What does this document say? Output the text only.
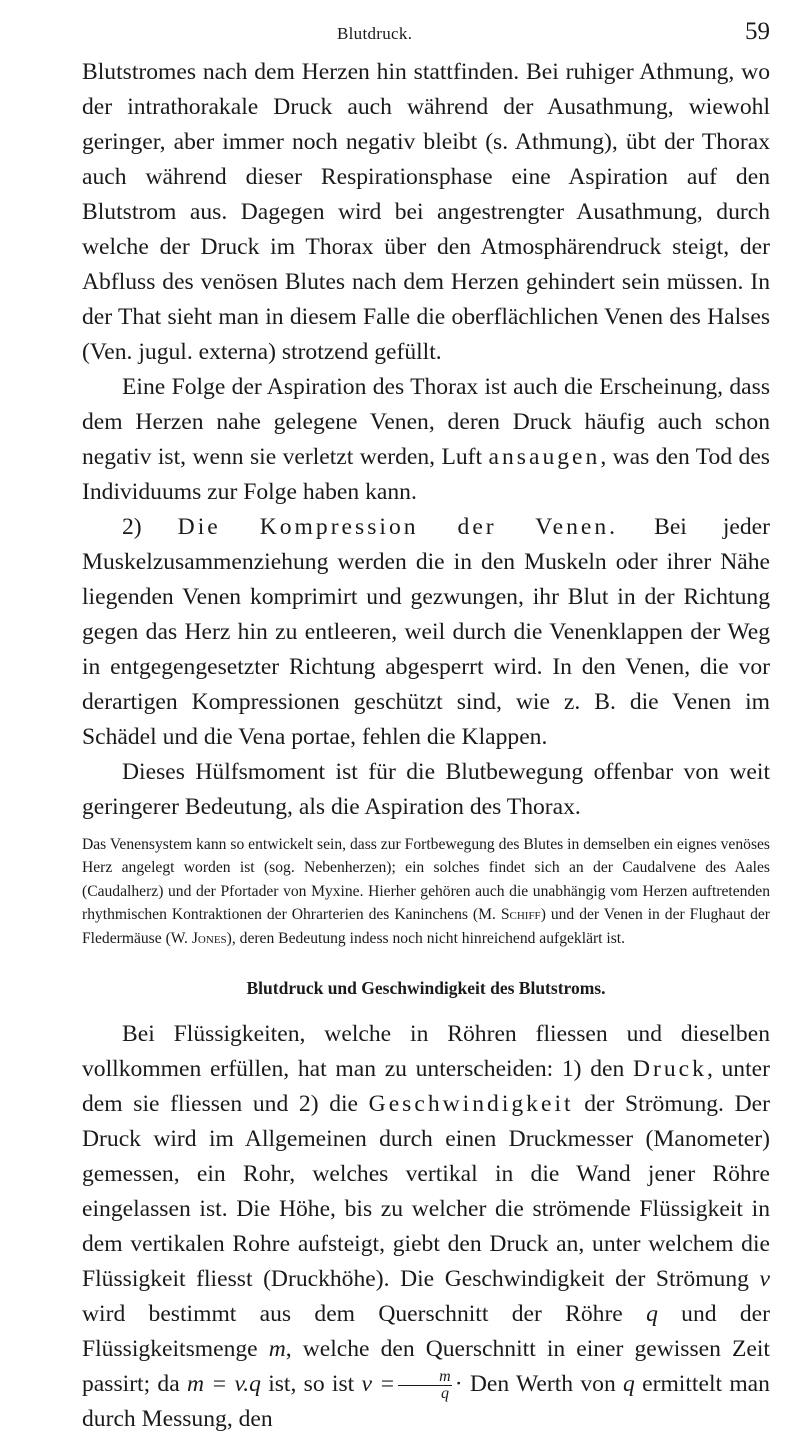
Blutdruck.	59

Blutstromes nach dem Herzen hin stattfinden. Bei ruhiger Athmung, wo der intrathorakale Druck auch während der Ausathmung, wiewohl geringer, aber immer noch negativ bleibt (s. Athmung), übt der Thorax auch während dieser Respirationsphase eine Aspiration auf den Blutstrom aus. Dagegen wird bei angestrengter Ausathmung, durch welche der Druck im Thorax über den Atmosphärendruck steigt, der Abfluss des venösen Blutes nach dem Herzen gehindert sein müssen. In der That sieht man in diesem Falle die oberflächlichen Venen des Halses (Ven. jugul. externa) strotzend gefüllt.

Eine Folge der Aspiration des Thorax ist auch die Erscheinung, dass dem Herzen nahe gelegene Venen, deren Druck häufig auch schon negativ ist, wenn sie verletzt werden, Luft ansaugen, was den Tod des Individuums zur Folge haben kann.

2) Die Kompression der Venen. Bei jeder Muskelzusammenziehung werden die in den Muskeln oder ihrer Nähe liegenden Venen komprimirt und gezwungen, ihr Blut in der Richtung gegen das Herz hin zu entleeren, weil durch die Venenklappen der Weg in entgegengesetzter Richtung abgesperrt wird. In den Venen, die vor derartigen Kompressionen geschützt sind, wie z. B. die Venen im Schädel und die Vena portae, fehlen die Klappen.

Dieses Hülfsmoment ist für die Blutbewegung offenbar von weit geringerer Bedeutung, als die Aspiration des Thorax.

Das Venensystem kann so entwickelt sein, dass zur Fortbewegung des Blutes in demselben ein eignes venöses Herz angelegt worden ist (sog. Nebenherzen); ein solches findet sich an der Caudalvene des Aales (Caudalherz) und der Pfortader von Myxine. Hierher gehören auch die unabhängig vom Herzen auftretenden rhythmischen Kontraktionen der Ohrarterien des Kaninchens (M. Schiff) und der Venen in der Flughaut der Fledermäuse (W. Jones), deren Bedeutung indess noch nicht hinreichend aufgeklärt ist.

Blutdruck und Geschwindigkeit des Blutstroms.

Bei Flüssigkeiten, welche in Röhren fliessen und dieselben vollkommen erfüllen, hat man zu unterscheiden: 1) den Druck, unter dem sie fliessen und 2) die Geschwindigkeit der Strömung. Der Druck wird im Allgemeinen durch einen Druckmesser (Manometer) gemessen, ein Rohr, welches vertikal in die Wand jener Röhre eingelassen ist. Die Höhe, bis zu welcher die strömende Flüssigkeit in dem vertikalen Rohre aufsteigt, giebt den Druck an, unter welchem die Flüssigkeit fliesst (Druckhöhe). Die Geschwindigkeit der Strömung v wird bestimmt aus dem Querschnitt der Röhre q und der Flüssigkeitsmenge m, welche den Querschnitt in einer gewissen Zeit passirt; da m = v.q ist, so ist $v = \frac{m}{q}$ · Den Werth von q ermittelt man durch Messung, den
